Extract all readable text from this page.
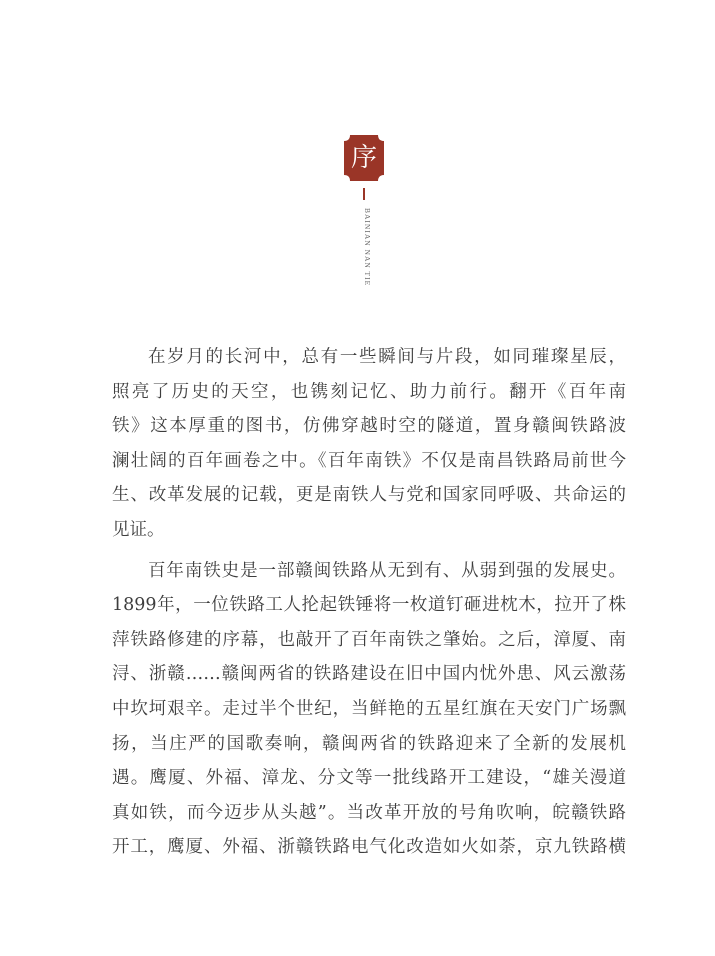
序
BAINIAN NAN TIE
在岁月的长河中，总有一些瞬间与片段，如同璀璨星辰，
照亮了历史的天空，也镌刻记忆、助力前行。翻开《百年南
铁》这本厚重的图书，仿佛穿越时空的隧道，置身赣闽铁路波
澜壮阔的百年画卷之中。《百年南铁》不仅是南昌铁路局前世今
生、改革发展的记载，更是南铁人与党和国家同呼吸、共命运的
见证。
百年南铁史是一部赣闽铁路从无到有、从弱到强的发展史。
1899年，一位铁路工人抡起铁锤将一枚道钉砸进枕木，拉开了株
萍铁路修建的序幕，也敲开了百年南铁之肇始。之后，漳厦、南
浔、浙赣……赣闽两省的铁路建设在旧中国内忧外患、风云激荡
中坎坷艰辛。走过半个世纪，当鲜艳的五星红旗在天安门广场飘
扬，当庄严的国歌奏响，赣闽两省的铁路迎来了全新的发展机
遇。鹰厦、外福、漳龙、分文等一批线路开工建设，“雄关漫道
真如铁，而今迈步从头越”。当改革开放的号角吹响，皖赣铁路
开工，鹰厦、外福、浙赣铁路电气化改造如火如荼，京九铁路横
